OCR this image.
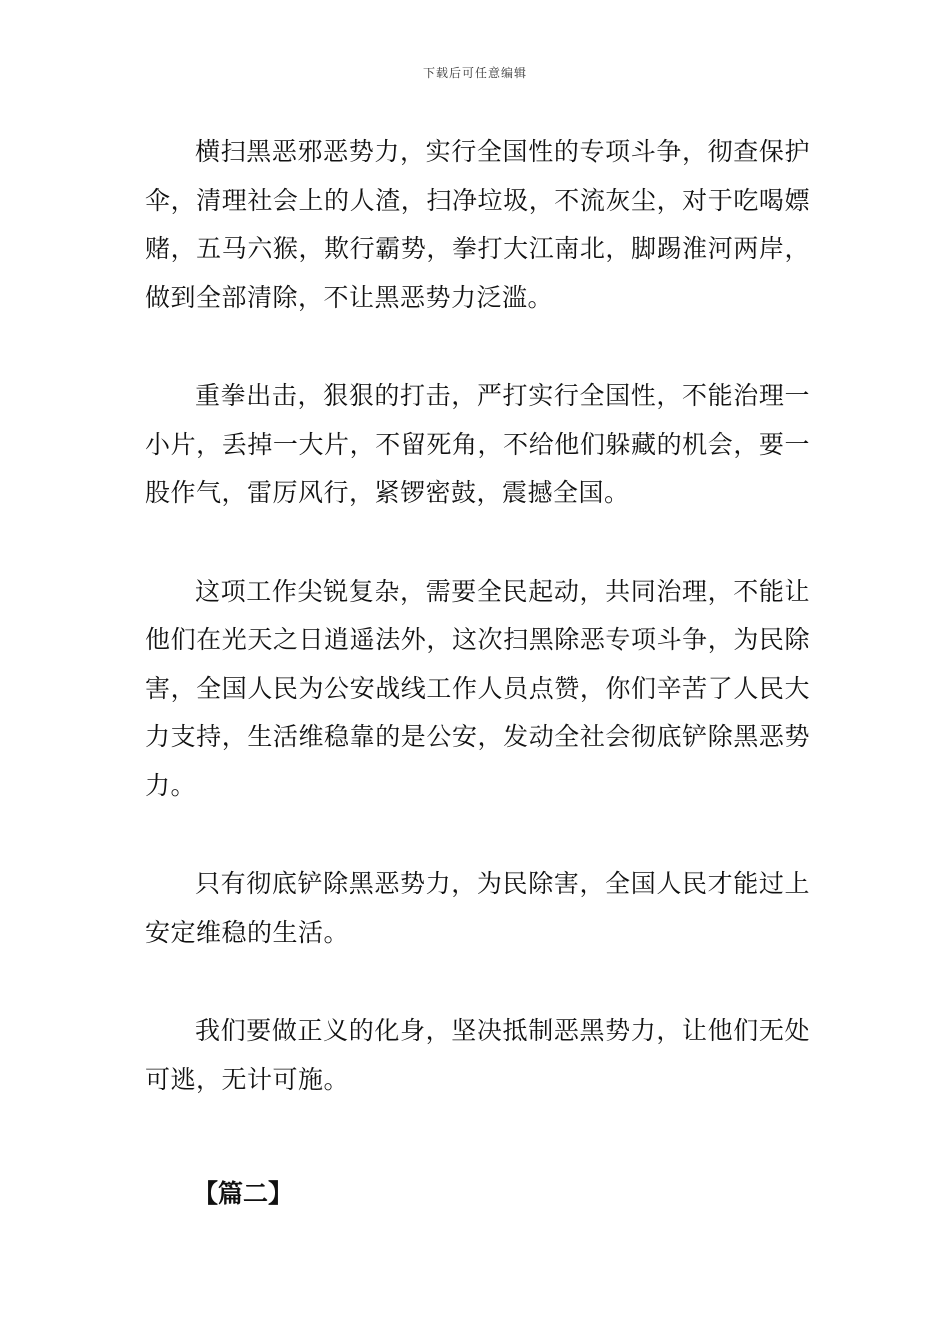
下载后可任意编辑

横扫黑恶邪恶势力，实行全国性的专项斗争，彻查保护伞，清理社会上的人渣，扫净垃圾，不流灰尘，对于吃喝嫖赌，五马六猴，欺行霸势，拳打大江南北，脚踢淮河两岸，做到全部清除，不让黑恶势力泛滥。

重拳出击，狠狠的打击，严打实行全国性，不能治理一小片，丢掉一大片，不留死角，不给他们躲藏的机会，要一股作气，雷厉风行，紧锣密鼓，震撼全国。

这项工作尖锐复杂，需要全民起动，共同治理，不能让他们在光天之日逍遥法外，这次扫黑除恶专项斗争，为民除害，全国人民为公安战线工作人员点赞，你们辛苦了人民大力支持，生活维稳靠的是公安，发动全社会彻底铲除黑恶势力。

只有彻底铲除黑恶势力，为民除害，全国人民才能过上安定维稳的生活。

我们要做正义的化身，坚决抵制恶黑势力，让他们无处可逃，无计可施。

【篇二】
